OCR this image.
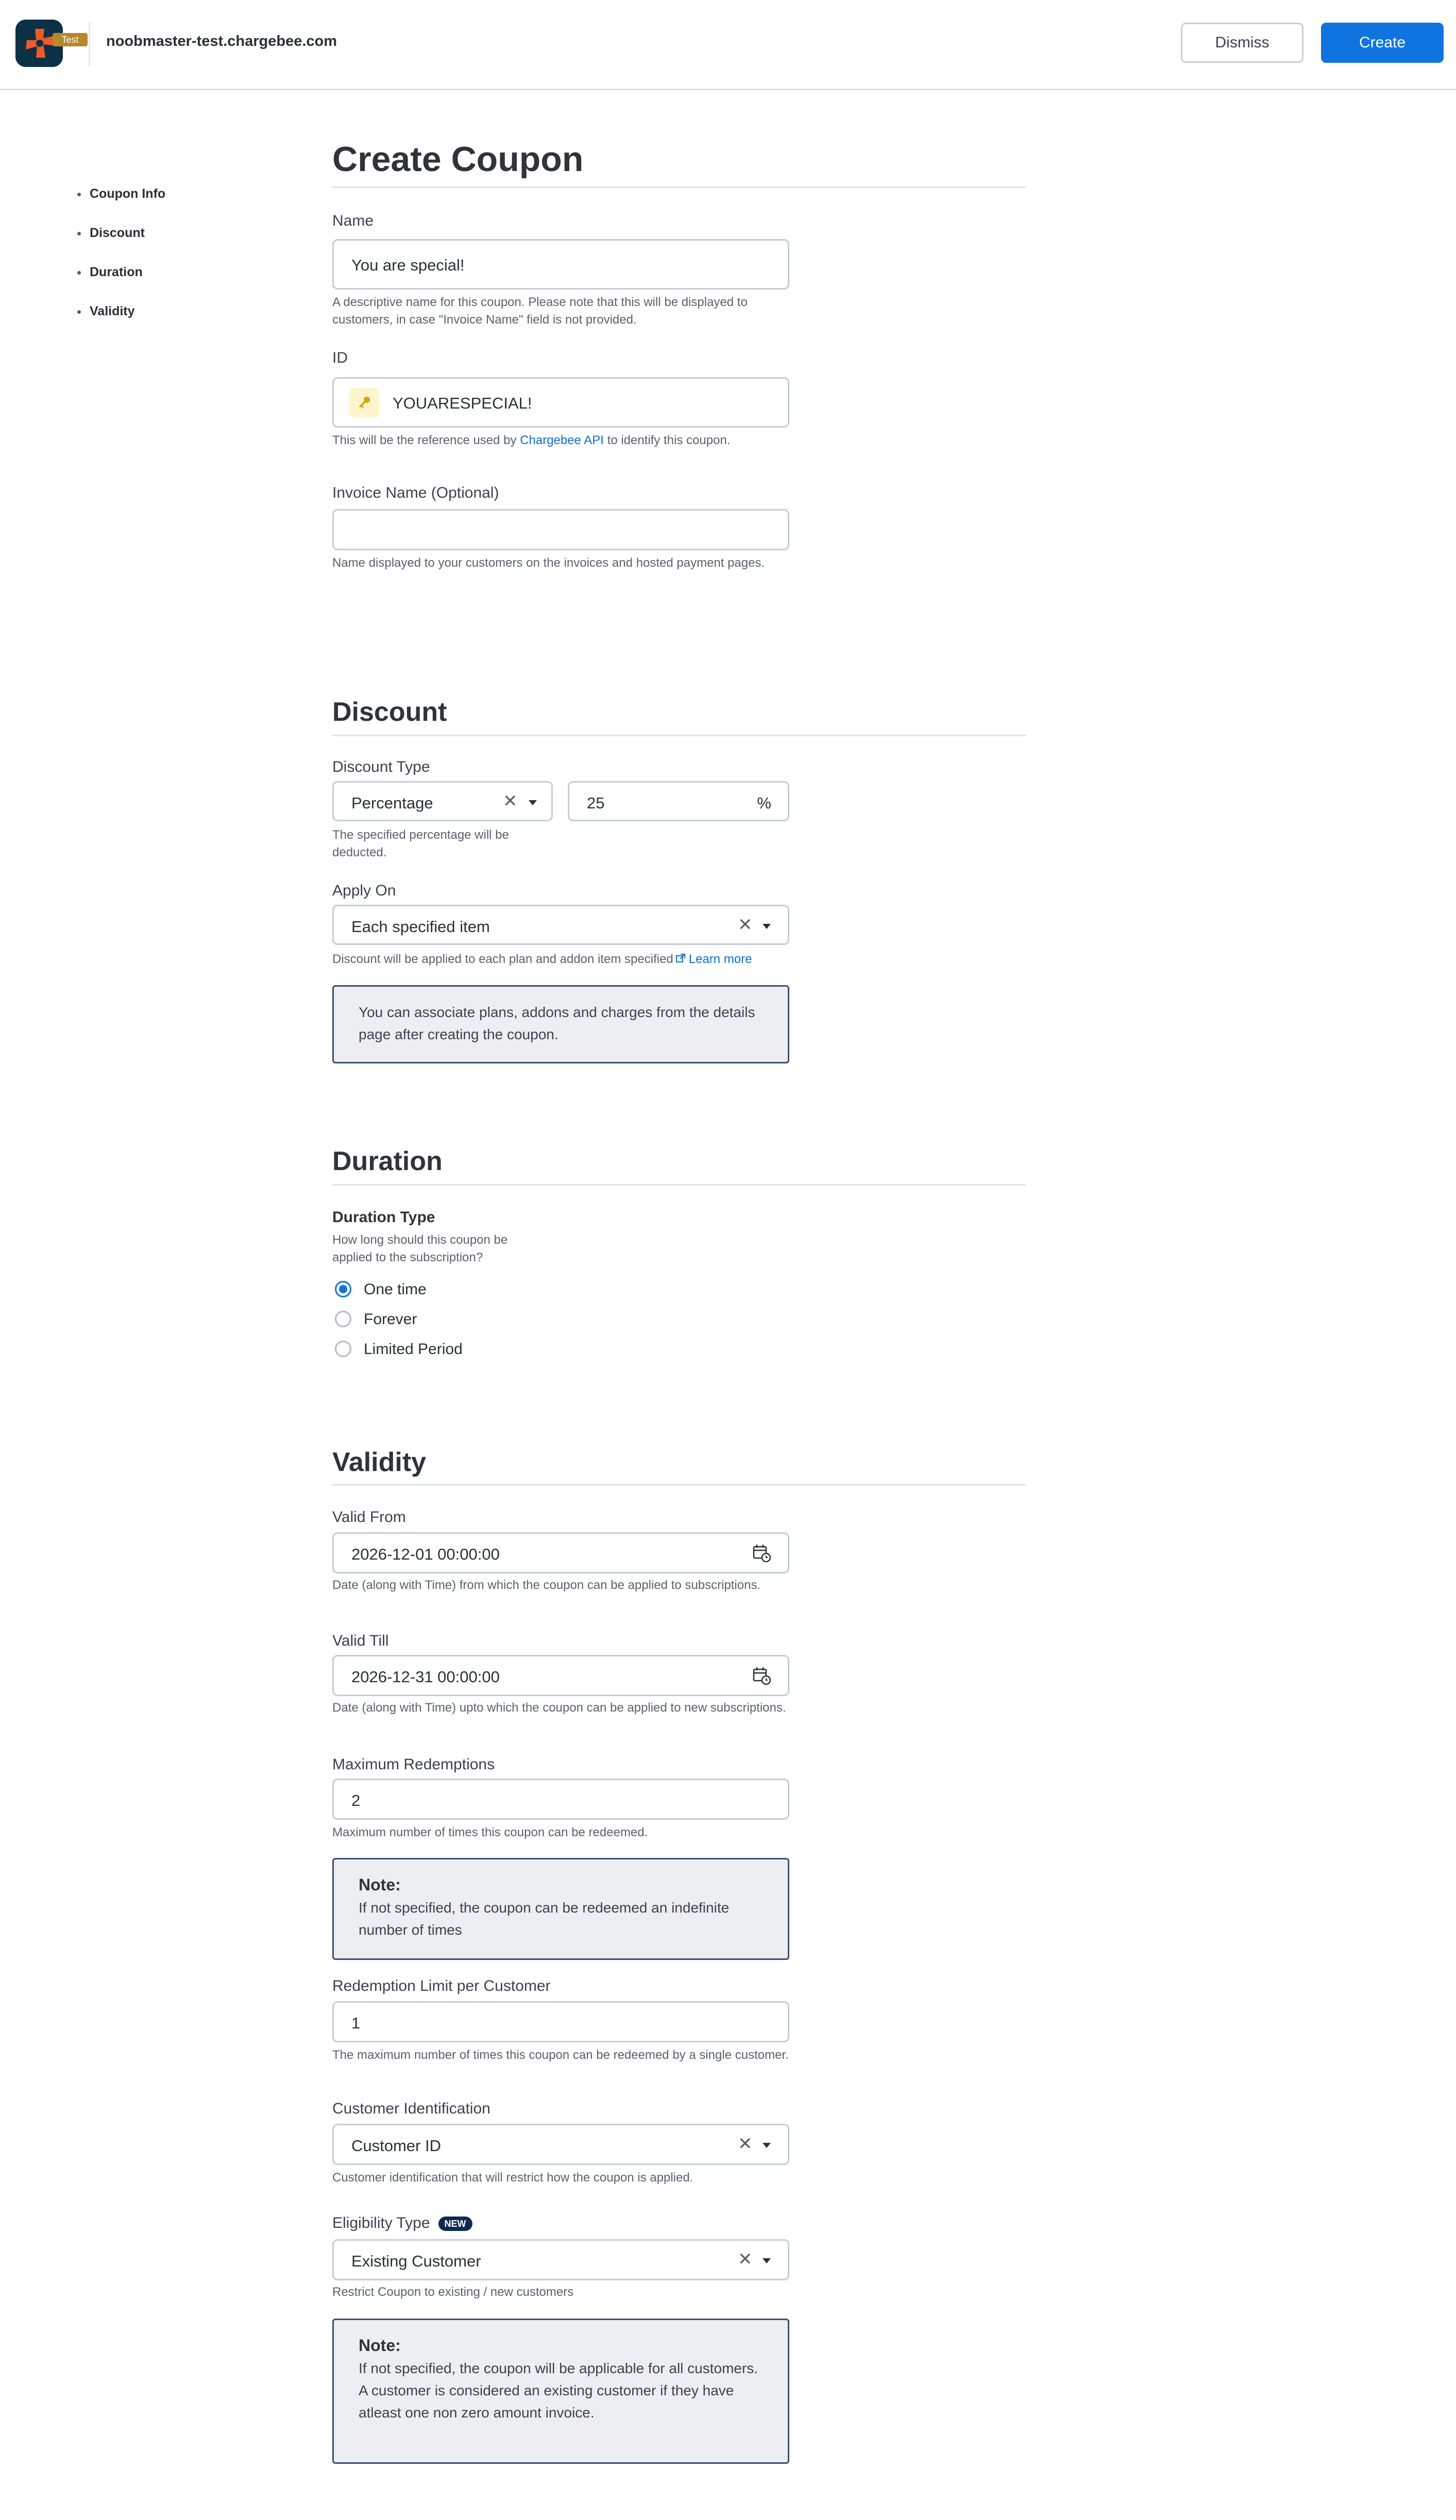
Test	noobmaster-test.chargebee.com	Dismiss	Create
Coupon Info
Discount
Duration
Validity
Create Coupon
Name
You are special!
A descriptive name for this coupon. Please note that this will be displayed to customers, in case "Invoice Name" field is not provided.
ID
YOUARESPECIAL!
This will be the reference used by Chargebee API to identify this coupon.
Invoice Name (Optional)
Name displayed to your customers on the invoices and hosted payment pages.
Discount
Discount Type
Percentage	✕	25	%
The specified percentage will be deducted.
Apply On
Each specified item	✕
Discount will be applied to each plan and addon item specified Learn more
You can associate plans, addons and charges from the details page after creating the coupon.
Duration
Duration Type
How long should this coupon be applied to the subscription?
One time
Forever
Limited Period
Validity
Valid From
2026-12-01 00:00:00
Date (along with Time) from which the coupon can be applied to subscriptions.
Valid Till
2026-12-31 00:00:00
Date (along with Time) upto which the coupon can be applied to new subscriptions.
Maximum Redemptions
2
Maximum number of times this coupon can be redeemed.
Note:
If not specified, the coupon can be redeemed an indefinite number of times
Redemption Limit per Customer
1
The maximum number of times this coupon can be redeemed by a single customer.
Customer Identification
Customer ID	✕
Customer identification that will restrict how the coupon is applied.
Eligibility Type NEW
Existing Customer	✕
Restrict Coupon to existing / new customers
Note:
If not specified, the coupon will be applicable for all customers.
A customer is considered an existing customer if they have atleast one non zero amount invoice.
